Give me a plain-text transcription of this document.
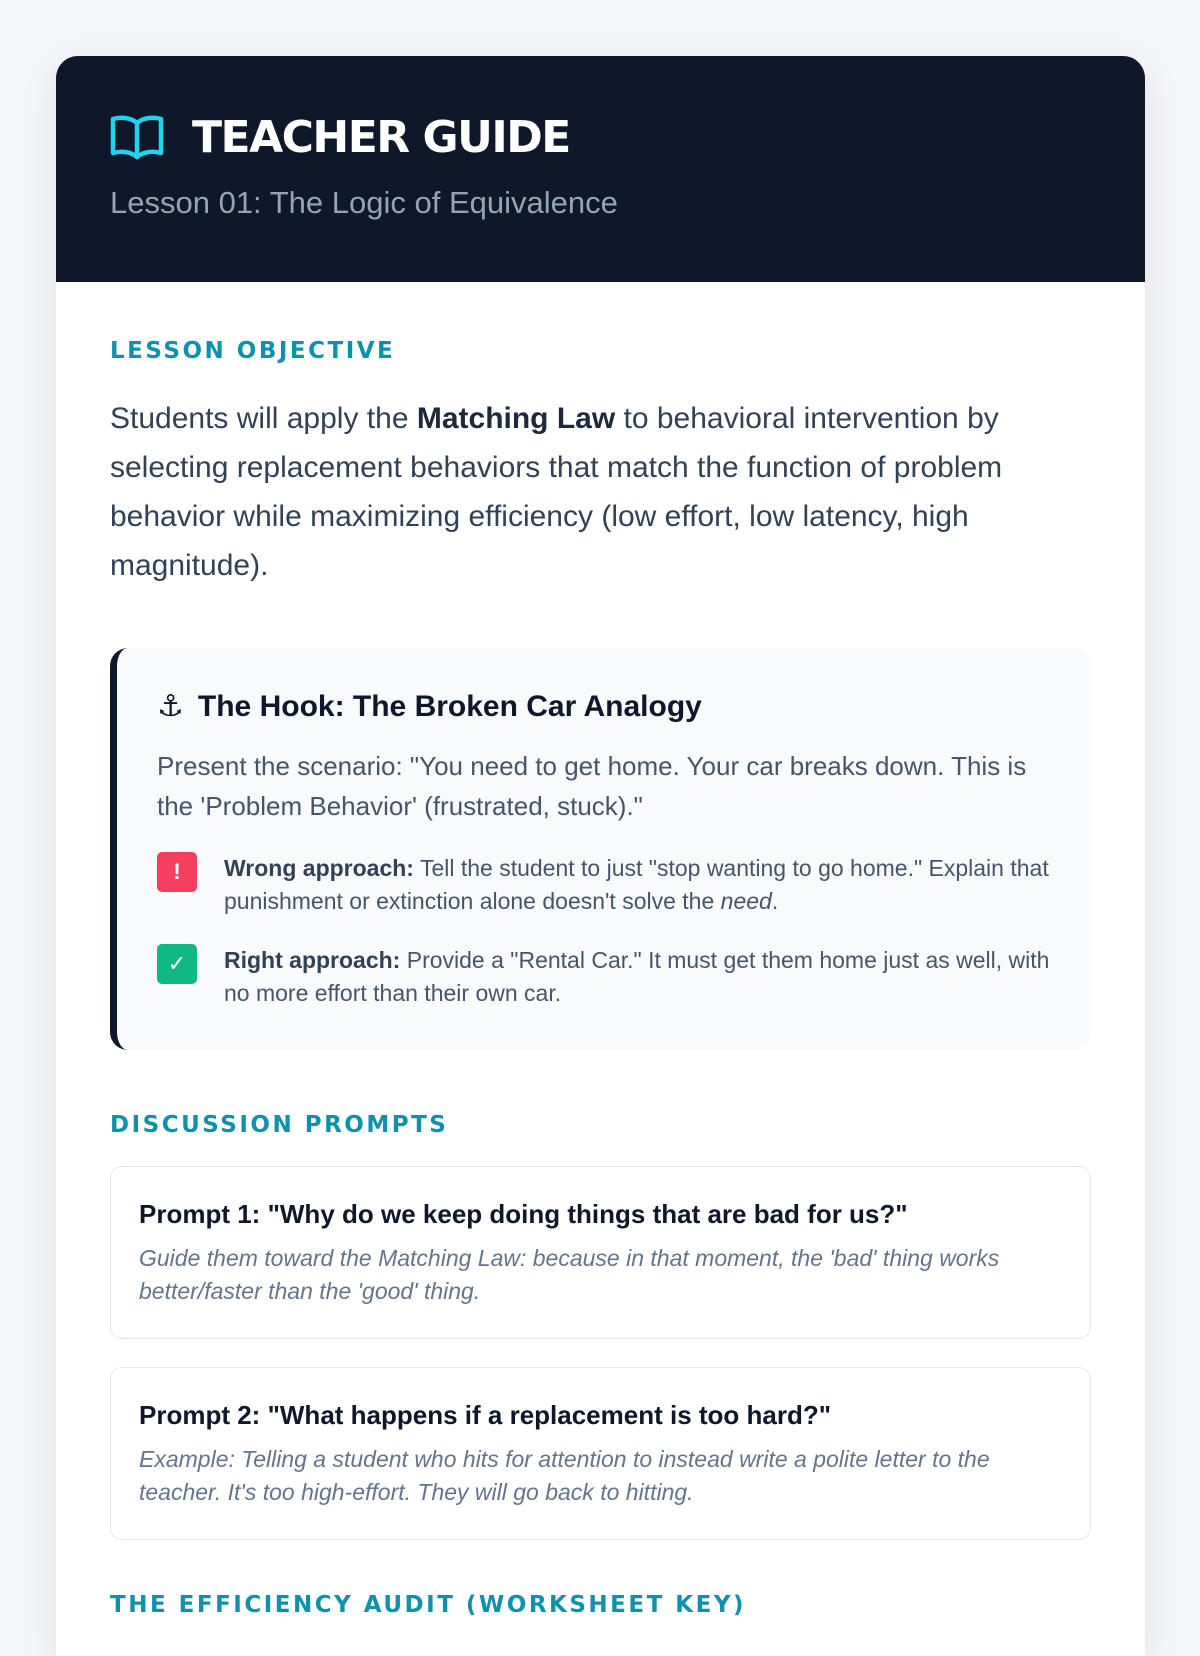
TEACHER GUIDE
Lesson 01: The Logic of Equivalence
LESSON OBJECTIVE

Students will apply the Matching Law to behavioral intervention by selecting replacement behaviors that match the function of problem behavior while maximizing efficiency (low effort, low latency, high magnitude).

⚓ The Hook: The Broken Car Analogy

Present the scenario: "You need to get home. Your car breaks down. This is the 'Problem Behavior' (frustrated, stuck)."

!	Wrong approach: Tell the student to just "stop wanting to go home." Explain that punishment or extinction alone doesn't solve the need.

✓	Right approach: Provide a "Rental Car." It must get them home just as well, with no more effort than their own car.

DISCUSSION PROMPTS
Prompt 1: "Why do we keep doing things that are bad for us?"

Guide them toward the Matching Law: because in that moment, the 'bad' thing works better/faster than the 'good' thing.

Prompt 2: "What happens if a replacement is too hard?"

Example: Telling a student who hits for attention to instead write a polite letter to the teacher. It's too high-effort. They will go back to hitting.

THE EFFICIENCY AUDIT (WORKSHEET KEY)
